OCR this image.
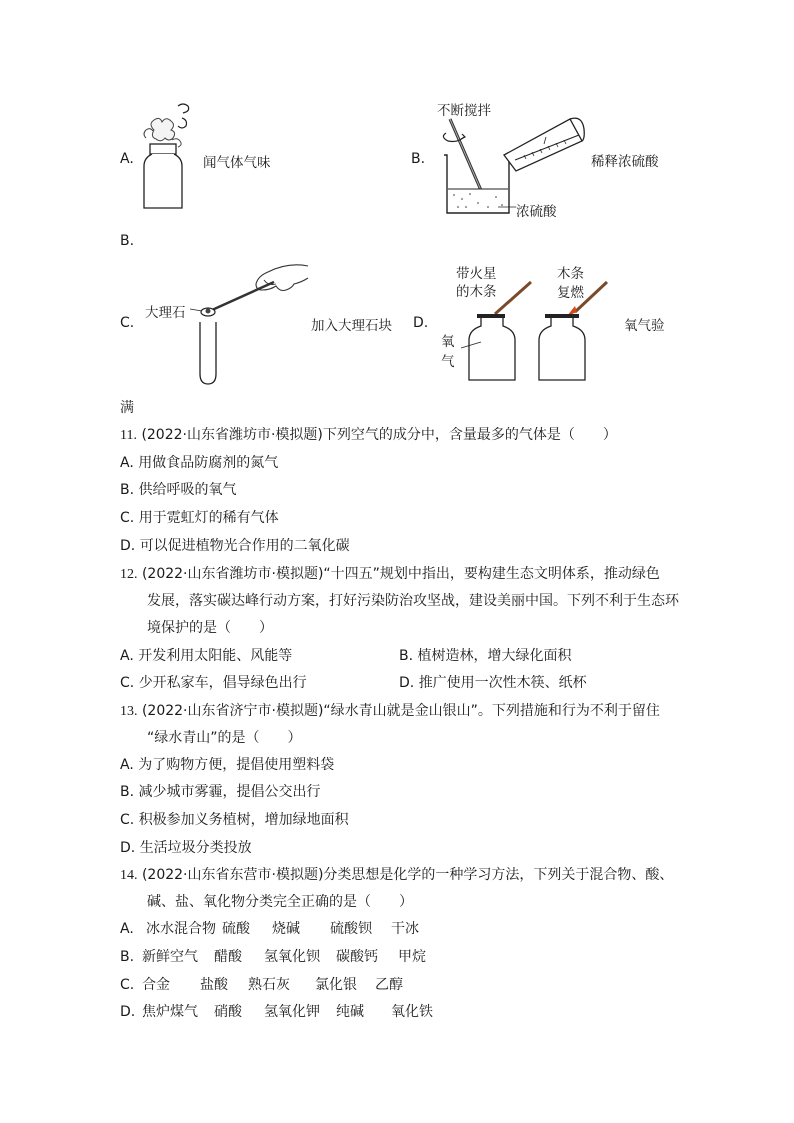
A.	闻气体气味	B.
不断搅拌
稀释浓硫酸
浓硫酸
B.
C.
大理石
加入大理石块 D.
带火星
的木条
木条
复燃
氧
气
氧气验
满
11. (2022·山东省潍坊市·模拟题)下列空气的成分中，含量最多的气体是（　　）
A. 用做食品防腐剂的氮气
B. 供给呼吸的氧气
C. 用于霓虹灯的稀有气体
D. 可以促进植物光合作用的二氧化碳
12. (2022·山东省潍坊市·模拟题)“十四五”规划中指出，要构建生态文明体系，推动绿色
发展，落实碳达峰行动方案，打好污染防治攻坚战，建设美丽中国。下列不利于生态环
境保护的是（　　）
A. 开发利用太阳能、风能等	B. 植树造林，增大绿化面积
C. 少开私家车，倡导绿色出行	D. 推广使用一次性木筷、纸杯
13. (2022·山东省济宁市·模拟题)“绿水青山就是金山银山”。下列措施和行为不利于留住
“绿水青山”的是（　　）
A. 为了购物方便，提倡使用塑料袋
B. 减少城市雾霾，提倡公交出行
C. 积极参加义务植树，增加绿地面积
D. 生活垃圾分类投放
14. (2022·山东省东营市·模拟题)分类思想是化学的一种学习方法，下列关于混合物、酸、
碱、盐、氧化物分类完全正确的是（　　）
A. 冰水混合物 硫酸 烧碱 硫酸钡 干冰
B. 新鲜空气 醋酸 氢氧化钡 碳酸钙 甲烷
C. 合金 盐酸 熟石灰 氯化银 乙醇
D. 焦炉煤气 硝酸 氢氧化钾 纯碱 氧化铁
